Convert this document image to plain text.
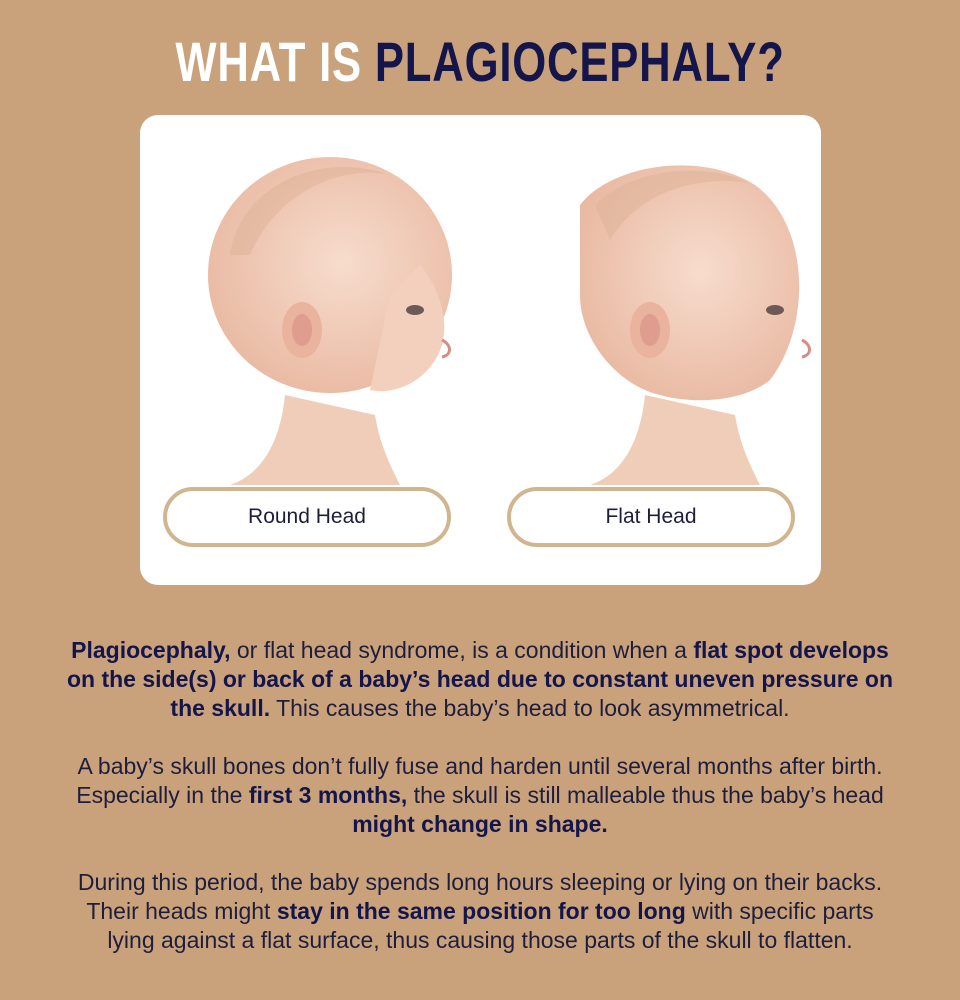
WHAT IS PLAGIOCEPHALY?
Round Head	Flat Head

Plagiocephaly, or flat head syndrome, is a condition when a flat spot develops on the side(s) or back of a baby’s head due to constant uneven pressure on the skull. This causes the baby’s head to look asymmetrical.

A baby’s skull bones don’t fully fuse and harden until several months after birth. Especially in the first 3 months, the skull is still malleable thus the baby’s head might change in shape.

During this period, the baby spends long hours sleeping or lying on their backs. Their heads might stay in the same position for too long with specific parts lying against a flat surface, thus causing those parts of the skull to flatten.
